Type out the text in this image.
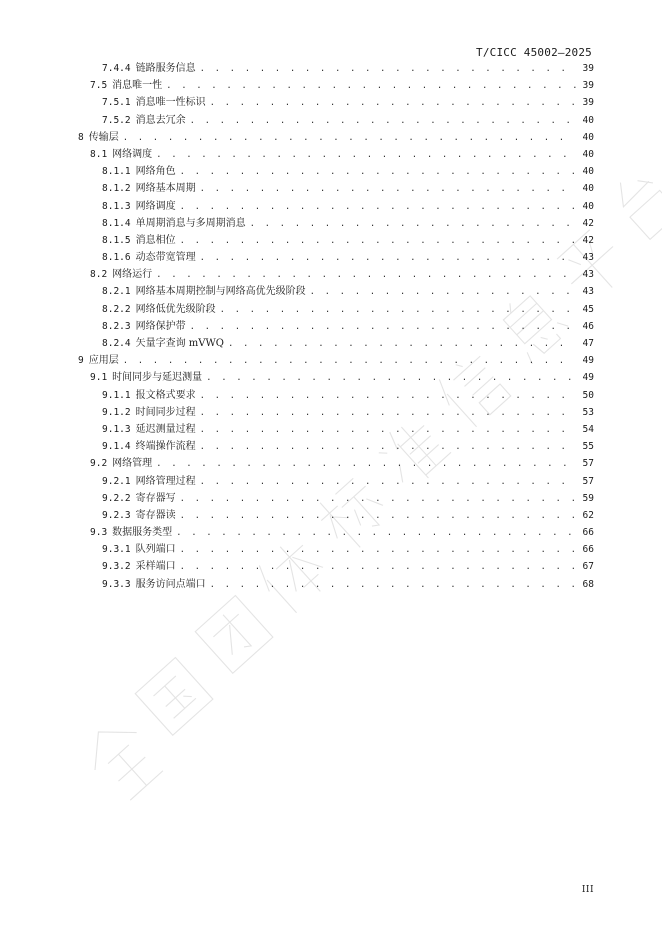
T/CICC 45002—2025
7.4.4 链路服务信息 . . .	39
7.5 消息唯一性 . . .	39
7.5.1 消息唯一性标识 . . .	39
7.5.2 消息去冗余 . . .	40
8 传输层 . . .	40
8.1 网络调度 . . .	40
8.1.1 网络角色 . . .	40
8.1.2 网络基本周期 . . .	40
8.1.3 网络调度 . . .	40
8.1.4 单周期消息与多周期消息 . . .	42
8.1.5 消息相位 . . .	42
8.1.6 动态带宽管理 . . .	43
8.2 网络运行 . . .	43
8.2.1 网络基本周期控制与网络高优先级阶段 . . .	43
8.2.2 网络低优先级阶段 . . .	45
8.2.3 网络保护带 . . .	46
8.2.4 矢量字查询 mVWQ . . .	47
9 应用层 . . .	49
9.1 时间同步与延迟测量 . . .	49
9.1.1 报文格式要求 . . .	50
9.1.2 时间同步过程 . . .	53
9.1.3 延迟测量过程 . . .	54
9.1.4 终端操作流程 . . .	55
9.2 网络管理 . . .	57
9.2.1 网络管理过程 . . .	57
9.2.2 寄存器写 . . .	59
9.2.3 寄存器读 . . .	62
9.3 数据服务类型 . . .	66
9.3.1 队列端口 . . .	66
9.3.2 采样端口 . . .	67
9.3.3 服务访问点端口 . . .	68
III
